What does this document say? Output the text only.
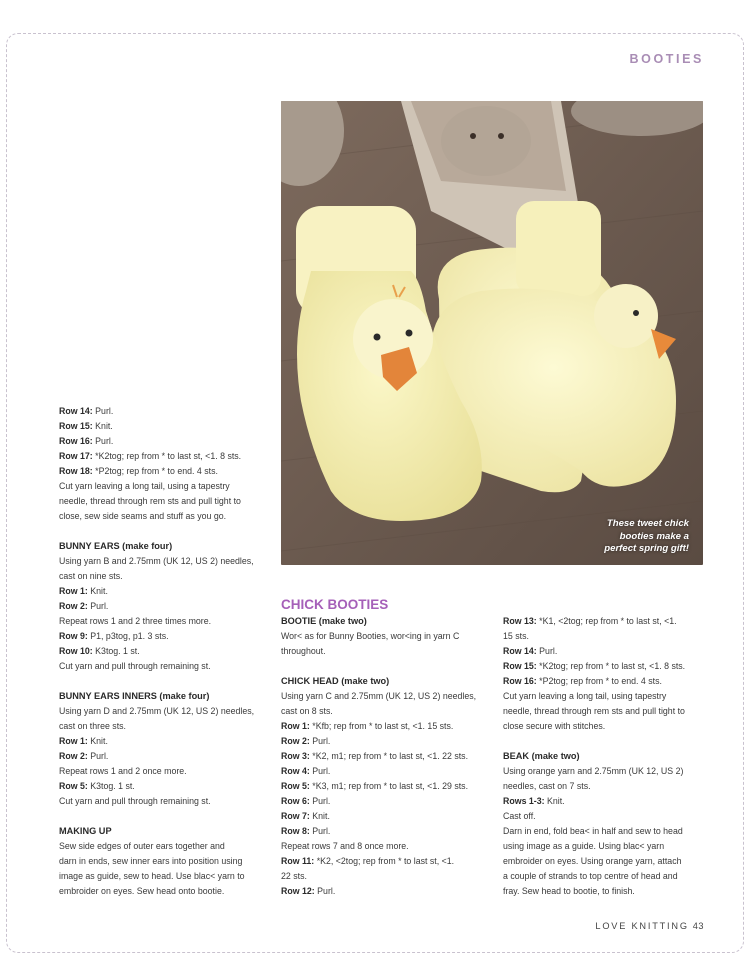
BOOTIES
These tweet chick
booties make a
perfect spring gift!

Row 14: Purl.

Row 15: Knit.

Row 16: Purl.

Row 17: *K2tog; rep from * to last st, <1. 8 sts.

Row 18: *P2tog; rep from * to end. 4 sts.

Cut yarn leaving a long tail, using a tapestry
needle, thread through rem sts and pull tight to
close, sew side seams and stuff as you go.

BUNNY EARS (make four)

Using yarn B and 2.75mm (UK 12, US 2) needles,
cast on nine sts.

Row 1: Knit.

Row 2: Purl.

Repeat rows 1 and 2 three times more.

Row 9: P1, p3tog, p1. 3 sts.

Row 10: K3tog. 1 st.

Cut yarn and pull through remaining st.

BUNNY EARS INNERS (make four)

Using yarn D and 2.75mm (UK 12, US 2) needles,
cast on three sts.

Row 1: Knit.

Row 2: Purl.

Repeat rows 1 and 2 once more.

Row 5: K3tog. 1 st.

Cut yarn and pull through remaining st.

MAKING UP

Sew side edges of outer ears together and
darn in ends, sew inner ears into position using
image as guide, sew to head. Use blac< yarn to
embroider on eyes. Sew head onto bootie.

CHICK BOOTIES
BOOTIE (make two)

Wor< as for Bunny Booties, wor<ing in yarn C
throughout.

CHICK HEAD (make two)

Using yarn C and 2.75mm (UK 12, US 2) needles,
cast on 8 sts.

Row 1: *Kfb; rep from * to last st, <1. 15 sts.

Row 2: Purl.

Row 3: *K2, m1; rep from * to last st, <1. 22 sts.

Row 4: Purl.

Row 5: *K3, m1; rep from * to last st, <1. 29 sts.

Row 6: Purl.

Row 7: Knit.

Row 8: Purl.

Repeat rows 7 and 8 once more.

Row 11: *K2, <2tog; rep from * to last st, <1.
22 sts.

Row 12: Purl.

Row 13: *K1, <2tog; rep from * to last st, <1.
15 sts.

Row 14: Purl.

Row 15: *K2tog; rep from * to last st, <1. 8 sts.

Row 16: *P2tog; rep from * to end. 4 sts.

Cut yarn leaving a long tail, using tapestry
needle, thread through rem sts and pull tight to
close secure with stitches.

BEAK (make two)

Using orange yarn and 2.75mm (UK 12, US 2)
needles, cast on 7 sts.

Rows 1-3: Knit.

Cast off.

Darn in end, fold bea< in half and sew to head
using image as a guide. Using blac< yarn
embroider on eyes. Using orange yarn, attach
a couple of strands to top centre of head and
fray. Sew head to bootie, to finish.

LOVE KNITTING 43
